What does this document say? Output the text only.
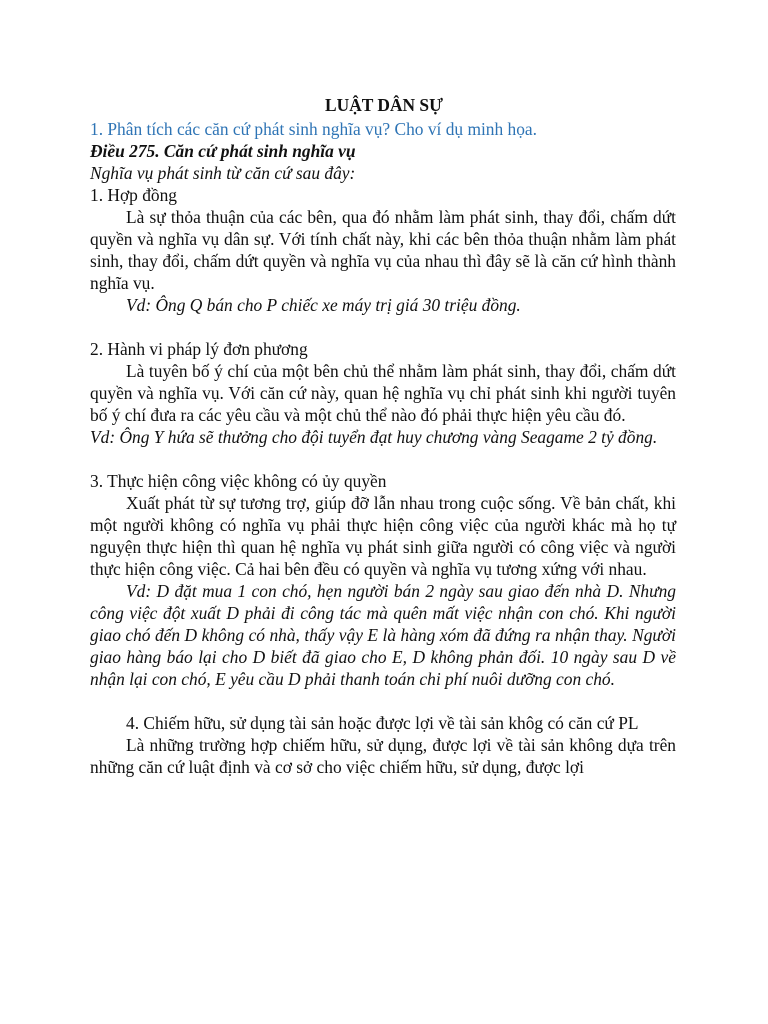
LUẬT DÂN SỰ

1. Phân tích các căn cứ phát sinh nghĩa vụ? Cho ví dụ minh họa.

Điều 275. Căn cứ phát sinh nghĩa vụ

Nghĩa vụ phát sinh từ căn cứ sau đây:

1. Hợp đồng

Là sự thỏa thuận của các bên, qua đó nhằm làm phát sinh, thay đổi, chấm dứt quyền và nghĩa vụ dân sự. Với tính chất này, khi các bên thỏa thuận nhằm làm phát sinh, thay đổi, chấm dứt quyền và nghĩa vụ của nhau thì đây sẽ là căn cứ hình thành nghĩa vụ.

Vd: Ông Q bán cho P chiếc xe máy trị giá 30 triệu đồng.

2. Hành vi pháp lý đơn phương

Là tuyên bố ý chí của một bên chủ thể nhằm làm phát sinh, thay đổi, chấm dứt quyền và nghĩa vụ. Với căn cứ này, quan hệ nghĩa vụ chỉ phát sinh khi người tuyên bố ý chí đưa ra các yêu cầu và một chủ thể nào đó phải thực hiện yêu cầu đó.

Vd: Ông Y hứa sẽ thưởng cho đội tuyển đạt huy chương vàng Seagame 2 tỷ đồng.

3. Thực hiện công việc không có ủy quyền

Xuất phát từ sự tương trợ, giúp đỡ lẫn nhau trong cuộc sống. Về bản chất, khi một người không có nghĩa vụ phải thực hiện công việc của người khác mà họ tự nguyện thực hiện thì quan hệ nghĩa vụ phát sinh giữa người có công việc và người thực hiện công việc. Cả hai bên đều có quyền và nghĩa vụ tương xứng với nhau.

Vd: D đặt mua 1 con chó, hẹn người bán 2 ngày sau giao đến nhà D. Nhưng công việc đột xuất D phải đi công tác mà quên mất việc nhận con chó. Khi người giao chó đến D không có nhà, thấy vậy E là hàng xóm đã đứng ra nhận thay. Người giao hàng báo lại cho D biết đã giao cho E, D không phản đối. 10 ngày sau D về nhận lại con chó, E yêu cầu D phải thanh toán chi phí nuôi dưỡng con chó.

4. Chiếm hữu, sử dụng tài sản hoặc được lợi về tài sản khôg có căn cứ PL

Là những trường hợp chiếm hữu, sử dụng, được lợi về tài sản không dựa trên những căn cứ luật định và cơ sở cho việc chiếm hữu, sử dụng, được lợi
